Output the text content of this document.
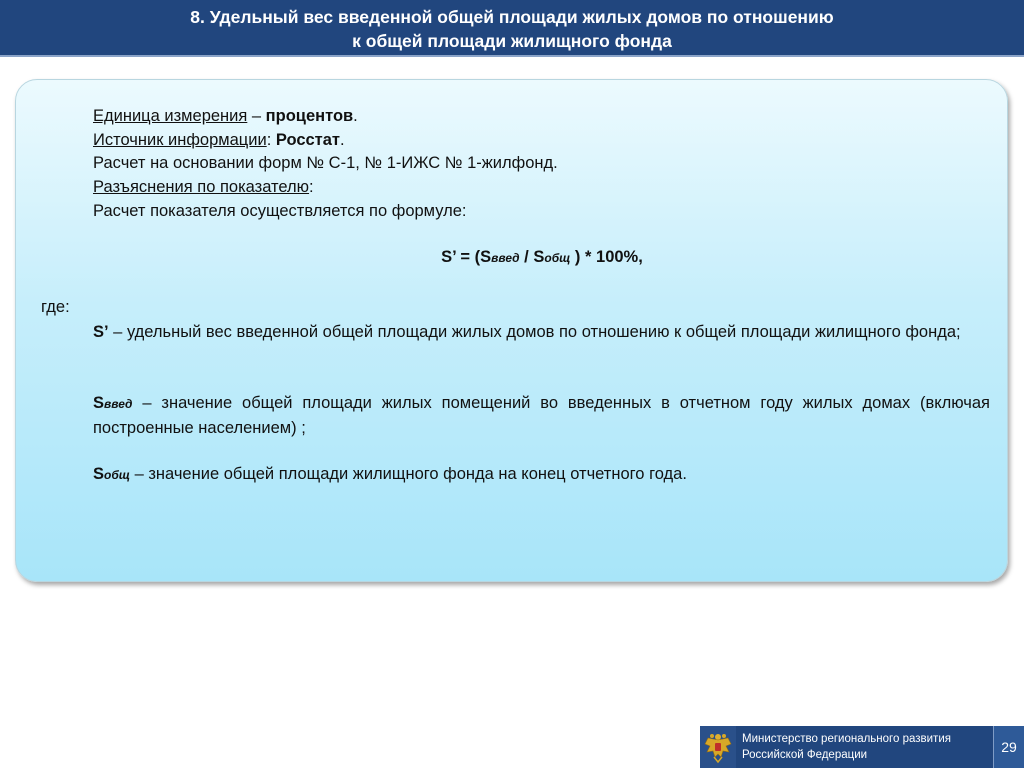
8. Удельный вес введенной общей площади жилых домов по отношению
к общей площади жилищного фонда
Единица измерения – процентов.
Источник информации: Росстат.
Расчет на основании форм № С-1, № 1-ИЖС № 1-жилфонд.
Разъяснения по показателю:
Расчет показателя осуществляется по формуле:
S’ = (Sввед / Sобщ ) * 100%,
где:
S’ – удельный вес введенной общей площади жилых домов по отношению к общей площади жилищного фонда;
Sввед – значение общей площади жилых помещений во введенных в отчетном году жилых домах (включая построенные населением) ;
Sобщ – значение общей площади жилищного фонда на конец отчетного года.
Министерство регионального развития
Российской Федерации	29
